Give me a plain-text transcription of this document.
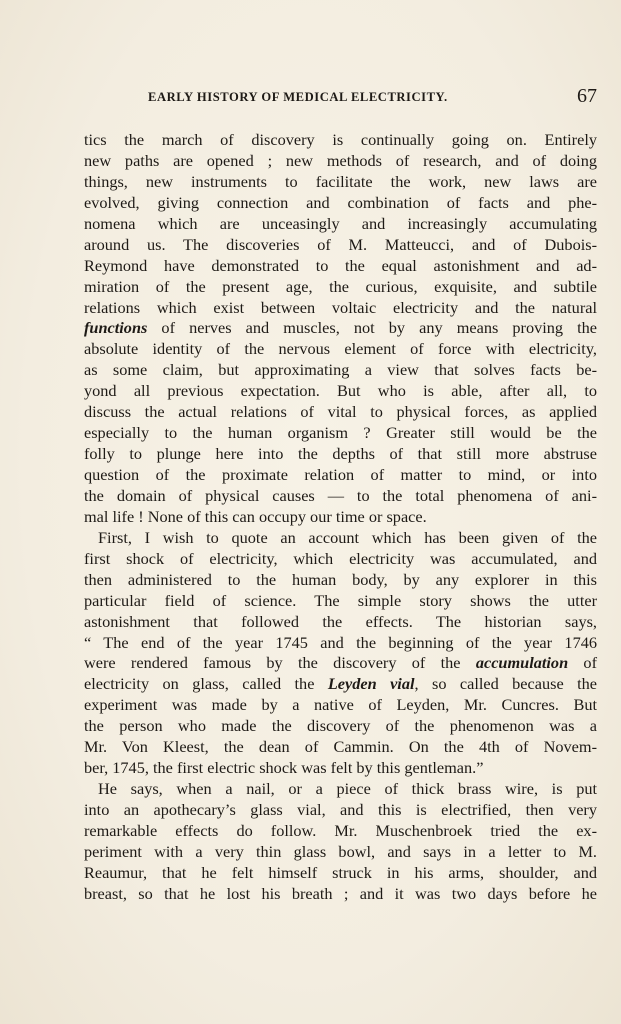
EARLY HISTORY OF MEDICAL ELECTRICITY.	67
tics the march of discovery is continually going on. Entirely
new paths are opened ; new methods of research, and of doing
things, new instruments to facilitate the work, new laws are
evolved, giving connection and combination of facts and phe-
nomena which are unceasingly and increasingly accumulating
around us. The discoveries of M. Matteucci, and of Dubois-
Reymond have demonstrated to the equal astonishment and ad-
miration of the present age, the curious, exquisite, and subtile
relations which exist between voltaic electricity and the natural
functions of nerves and muscles, not by any means proving the
absolute identity of the nervous element of force with electricity,
as some claim, but approximating a view that solves facts be-
yond all previous expectation. But who is able, after all, to
discuss the actual relations of vital to physical forces, as applied
especially to the human organism ? Greater still would be the
folly to plunge here into the depths of that still more abstruse
question of the proximate relation of matter to mind, or into
the domain of physical causes — to the total phenomena of ani-
mal life ! None of this can occupy our time or space.
First, I wish to quote an account which has been given of the
first shock of electricity, which electricity was accumulated, and
then administered to the human body, by any explorer in this
particular field of science. The simple story shows the utter
astonishment that followed the effects. The historian says,
“ The end of the year 1745 and the beginning of the year 1746
were rendered famous by the discovery of the accumulation of
electricity on glass, called the Leyden vial, so called because the
experiment was made by a native of Leyden, Mr. Cuncres. But
the person who made the discovery of the phenomenon was a
Mr. Von Kleest, the dean of Cammin. On the 4th of Novem-
ber, 1745, the first electric shock was felt by this gentleman.”
He says, when a nail, or a piece of thick brass wire, is put
into an apothecary’s glass vial, and this is electrified, then very
remarkable effects do follow. Mr. Muschenbroek tried the ex-
periment with a very thin glass bowl, and says in a letter to M.
Reaumur, that he felt himself struck in his arms, shoulder, and
breast, so that he lost his breath ; and it was two days before he
